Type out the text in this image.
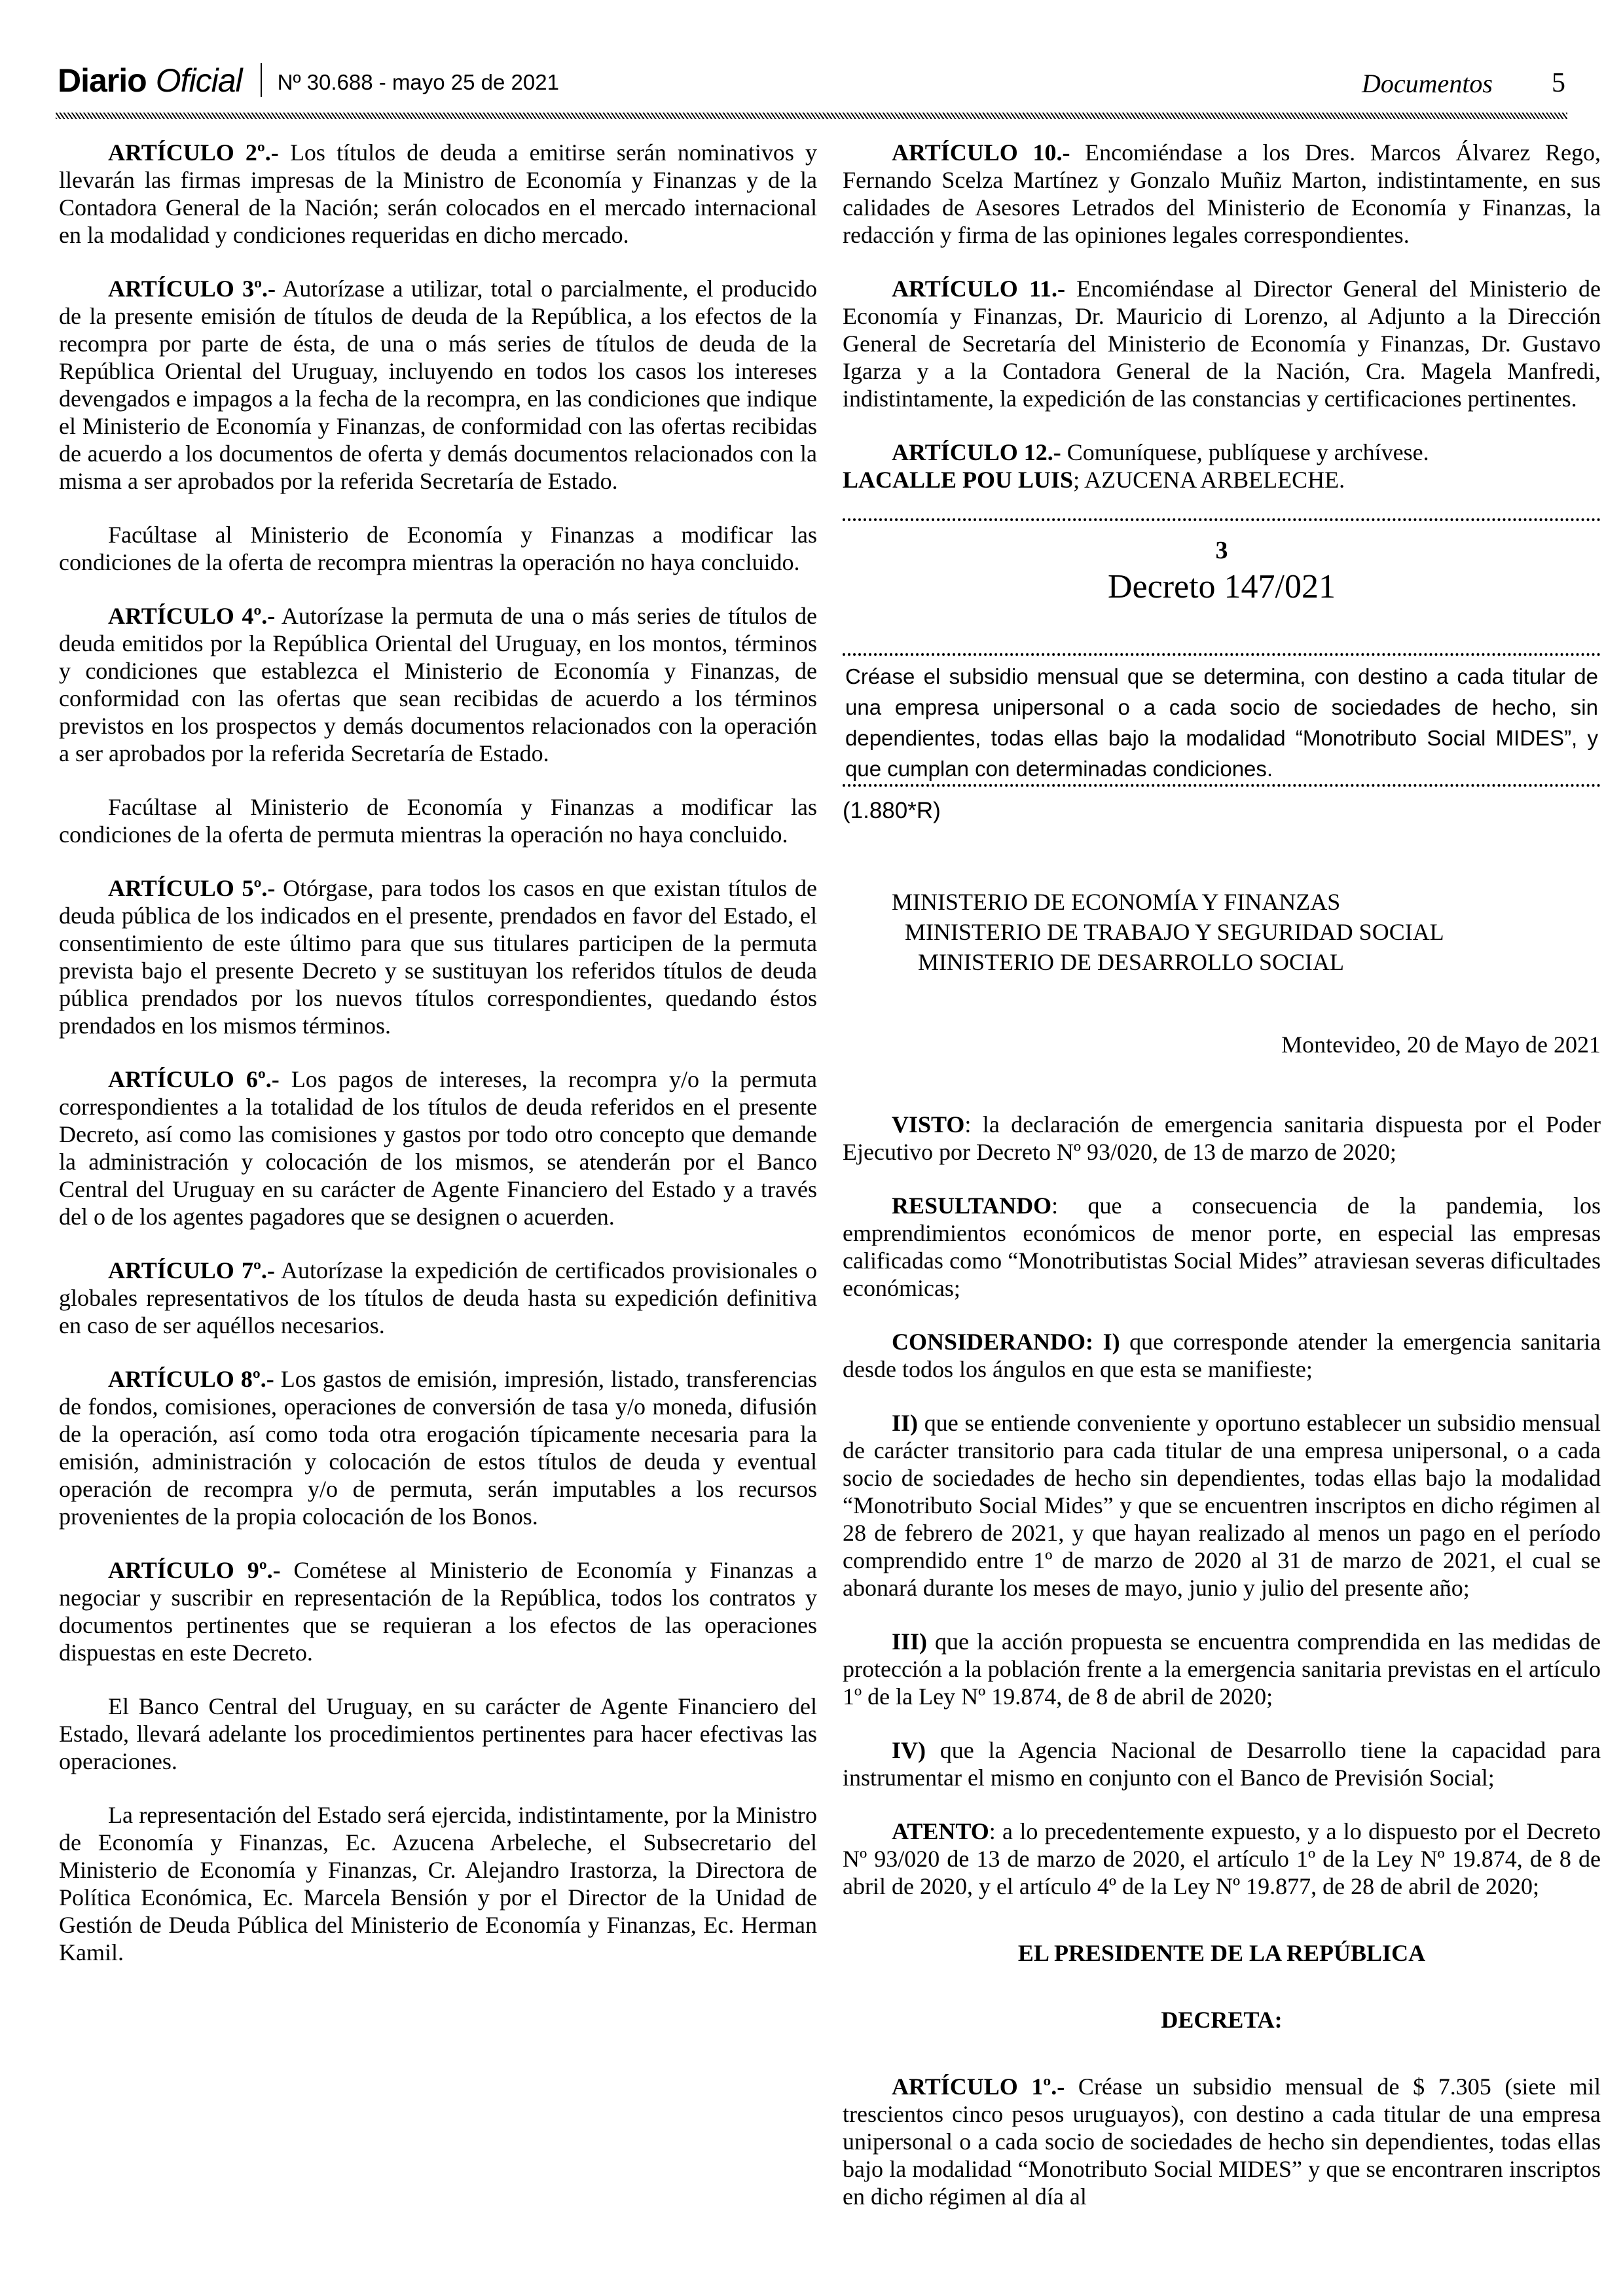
Diario Oficial Nº 30.688 - mayo 25 de 2021	Documentos 5

ARTÍCULO 2º.- Los títulos de deuda a emitirse serán nominativos y llevarán las firmas impresas de la Ministro de Economía y Finanzas y de la Contadora General de la Nación; serán colocados en el mercado internacional en la modalidad y condiciones requeridas en dicho mercado.

ARTÍCULO 3º.- Autorízase a utilizar, total o parcialmente, el producido de la presente emisión de títulos de deuda de la República, a los efectos de la recompra por parte de ésta, de una o más series de títulos de deuda de la República Oriental del Uruguay, incluyendo en todos los casos los intereses devengados e impagos a la fecha de la recompra, en las condiciones que indique el Ministerio de Economía y Finanzas, de conformidad con las ofertas recibidas de acuerdo a los documentos de oferta y demás documentos relacionados con la misma a ser aprobados por la referida Secretaría de Estado.

Facúltase al Ministerio de Economía y Finanzas a modificar las condiciones de la oferta de recompra mientras la operación no haya concluido.

ARTÍCULO 4º.- Autorízase la permuta de una o más series de títulos de deuda emitidos por la República Oriental del Uruguay, en los montos, términos y condiciones que establezca el Ministerio de Economía y Finanzas, de conformidad con las ofertas que sean recibidas de acuerdo a los términos previstos en los prospectos y demás documentos relacionados con la operación a ser aprobados por la referida Secretaría de Estado.

Facúltase al Ministerio de Economía y Finanzas a modificar las condiciones de la oferta de permuta mientras la operación no haya concluido.

ARTÍCULO 5º.- Otórgase, para todos los casos en que existan títulos de deuda pública de los indicados en el presente, prendados en favor del Estado, el consentimiento de este último para que sus titulares participen de la permuta prevista bajo el presente Decreto y se sustituyan los referidos títulos de deuda pública prendados por los nuevos títulos correspondientes, quedando éstos prendados en los mismos términos.

ARTÍCULO 6º.- Los pagos de intereses, la recompra y/o la permuta correspondientes a la totalidad de los títulos de deuda referidos en el presente Decreto, así como las comisiones y gastos por todo otro concepto que demande la administración y colocación de los mismos, se atenderán por el Banco Central del Uruguay en su carácter de Agente Financiero del Estado y a través del o de los agentes pagadores que se designen o acuerden.

ARTÍCULO 7º.- Autorízase la expedición de certificados provisionales o globales representativos de los títulos de deuda hasta su expedición definitiva en caso de ser aquéllos necesarios.

ARTÍCULO 8º.- Los gastos de emisión, impresión, listado, transferencias de fondos, comisiones, operaciones de conversión de tasa y/o moneda, difusión de la operación, así como toda otra erogación típicamente necesaria para la emisión, administración y colocación de estos títulos de deuda y eventual operación de recompra y/o de permuta, serán imputables a los recursos provenientes de la propia colocación de los Bonos.

ARTÍCULO 9º.- Cométese al Ministerio de Economía y Finanzas a negociar y suscribir en representación de la República, todos los contratos y documentos pertinentes que se requieran a los efectos de las operaciones dispuestas en este Decreto.

El Banco Central del Uruguay, en su carácter de Agente Financiero del Estado, llevará adelante los procedimientos pertinentes para hacer efectivas las operaciones.

La representación del Estado será ejercida, indistintamente, por la Ministro de Economía y Finanzas, Ec. Azucena Arbeleche, el Subsecretario del Ministerio de Economía y Finanzas, Cr. Alejandro Irastorza, la Directora de Política Económica, Ec. Marcela Bensión y por el Director de la Unidad de Gestión de Deuda Pública del Ministerio de Economía y Finanzas, Ec. Herman Kamil.

ARTÍCULO 10.- Encomiéndase a los Dres. Marcos Álvarez Rego, Fernando Scelza Martínez y Gonzalo Muñiz Marton, indistintamente, en sus calidades de Asesores Letrados del Ministerio de Economía y Finanzas, la redacción y firma de las opiniones legales correspondientes.

ARTÍCULO 11.- Encomiéndase al Director General del Ministerio de Economía y Finanzas, Dr. Mauricio di Lorenzo, al Adjunto a la Dirección General de Secretaría del Ministerio de Economía y Finanzas, Dr. Gustavo Igarza y a la Contadora General de la Nación, Cra. Magela Manfredi, indistintamente, la expedición de las constancias y certificaciones pertinentes.

ARTÍCULO 12.- Comuníquese, publíquese y archívese.

LACALLE POU LUIS; AZUCENA ARBELECHE.

3

Decreto 147/021

Créase el subsidio mensual que se determina, con destino a cada titular de una empresa unipersonal o a cada socio de sociedades de hecho, sin dependientes, todas ellas bajo la modalidad “Monotributo Social MIDES”, y que cumplan con determinadas condiciones.

(1.880*R)

MINISTERIO DE ECONOMÍA Y FINANZAS
MINISTERIO DE TRABAJO Y SEGURIDAD SOCIAL
MINISTERIO DE DESARROLLO SOCIAL

Montevideo, 20 de Mayo de 2021

VISTO: la declaración de emergencia sanitaria dispuesta por el Poder Ejecutivo por Decreto Nº 93/020, de 13 de marzo de 2020;

RESULTANDO: que a consecuencia de la pandemia, los emprendimientos económicos de menor porte, en especial las empresas calificadas como “Monotributistas Social Mides” atraviesan severas dificultades económicas;

CONSIDERANDO: I) que corresponde atender la emergencia sanitaria desde todos los ángulos en que esta se manifieste;

II) que se entiende conveniente y oportuno establecer un subsidio mensual de carácter transitorio para cada titular de una empresa unipersonal, o a cada socio de sociedades de hecho sin dependientes, todas ellas bajo la modalidad “Monotributo Social Mides” y que se encuentren inscriptos en dicho régimen al 28 de febrero de 2021, y que hayan realizado al menos un pago en el período comprendido entre 1º de marzo de 2020 al 31 de marzo de 2021, el cual se abonará durante los meses de mayo, junio y julio del presente año;

III) que la acción propuesta se encuentra comprendida en las medidas de protección a la población frente a la emergencia sanitaria previstas en el artículo 1º de la Ley Nº 19.874, de 8 de abril de 2020;

IV) que la Agencia Nacional de Desarrollo tiene la capacidad para instrumentar el mismo en conjunto con el Banco de Previsión Social;

ATENTO: a lo precedentemente expuesto, y a lo dispuesto por el Decreto Nº 93/020 de 13 de marzo de 2020, el artículo 1º de la Ley Nº 19.874, de 8 de abril de 2020, y el artículo 4º de la Ley Nº 19.877, de 28 de abril de 2020;

EL PRESIDENTE DE LA REPÚBLICA

DECRETA:

ARTÍCULO 1º.- Créase un subsidio mensual de $ 7.305 (siete mil trescientos cinco pesos uruguayos), con destino a cada titular de una empresa unipersonal o a cada socio de sociedades de hecho sin dependientes, todas ellas bajo la modalidad “Monotributo Social MIDES” y que se encontraren inscriptos en dicho régimen al día al
